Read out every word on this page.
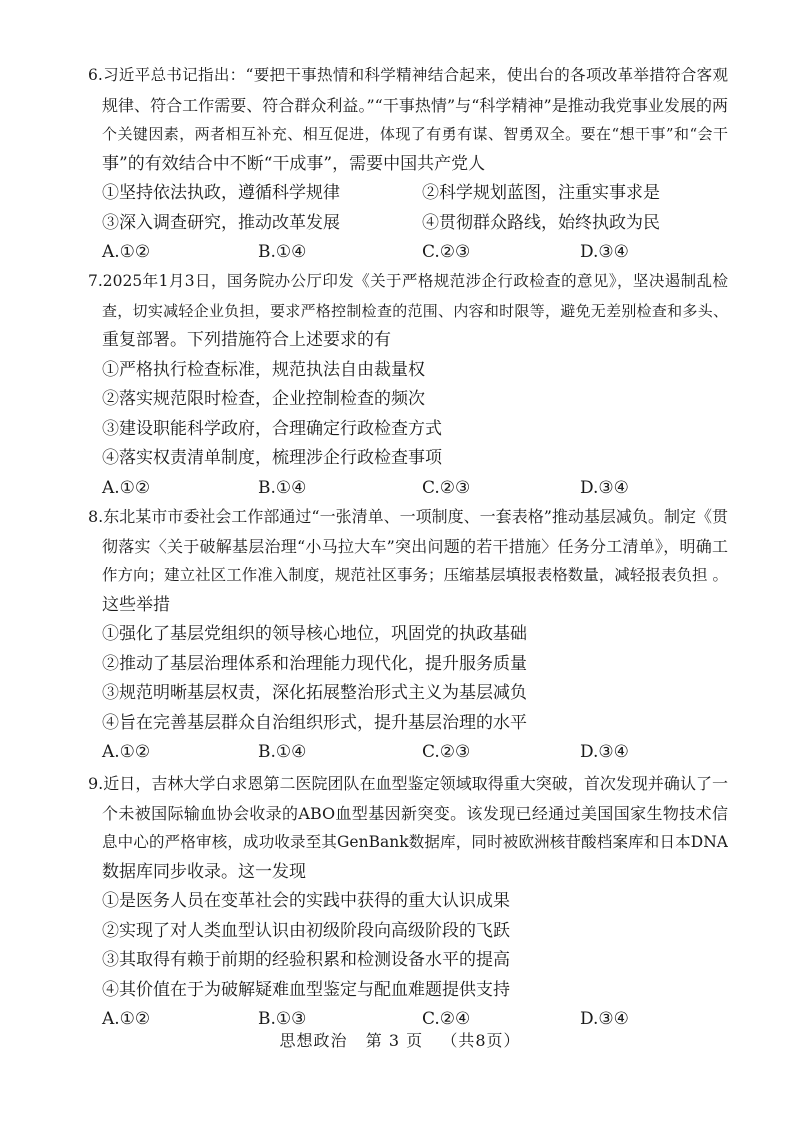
6.习近平总书记指出：“要把干事热情和科学精神结合起来，使出台的各项改革举措符合客观
规律、符合工作需要、符合群众利益。”“干事热情”与“科学精神”是推动我党事业发展的两
个关键因素，两者相互补充、相互促进，体现了有勇有谋、智勇双全。要在“想干事”和“会干
事”的有效结合中不断“干成事”，需要中国共产党人
①坚持依法执政，遵循科学规律	②科学规划蓝图，注重实事求是
③深入调查研究，推动改革发展	④贯彻群众路线，始终执政为民
A.①②	B.①④	C.②③	D.③④
7.2025年1月3日，国务院办公厅印发《关于严格规范涉企行政检查的意见》，坚决遏制乱检
查，切实减轻企业负担，要求严格控制检查的范围、内容和时限等，避免无差别检查和多头、
重复部署。下列措施符合上述要求的有
①严格执行检查标准，规范执法自由裁量权
②落实规范限时检查，企业控制检查的频次
③建设职能科学政府，合理确定行政检查方式
④落实权责清单制度，梳理涉企行政检查事项
A.①②	B.①④	C.②③	D.③④
8.东北某市市委社会工作部通过“一张清单、一项制度、一套表格”推动基层减负。制定《贯
彻落实〈关于破解基层治理“小马拉大车”突出问题的若干措施〉任务分工清单》，明确工
作方向；建立社区工作准入制度，规范社区事务；压缩基层填报表格数量，减轻报表负担 。
这些举措
①强化了基层党组织的领导核心地位，巩固党的执政基础
②推动了基层治理体系和治理能力现代化，提升服务质量
③规范明晰基层权责，深化拓展整治形式主义为基层减负
④旨在完善基层群众自治组织形式，提升基层治理的水平
A.①②	B.①④	C.②③	D.③④
9.近日，吉林大学白求恩第二医院团队在血型鉴定领域取得重大突破，首次发现并确认了一
个未被国际输血协会收录的ABO血型基因新突变。该发现已经通过美国国家生物技术信
息中心的严格审核，成功收录至其GenBank数据库，同时被欧洲核苷酸档案库和日本DNA
数据库同步收录。这一发现
①是医务人员在变革社会的实践中获得的重大认识成果
②实现了对人类血型认识由初级阶段向高级阶段的飞跃
③其取得有赖于前期的经验积累和检测设备水平的提高
④其价值在于为破解疑难血型鉴定与配血难题提供支持
A.①②	B.①③	C.②④	D.③④
思想政治 第 3 页 （共8页）
